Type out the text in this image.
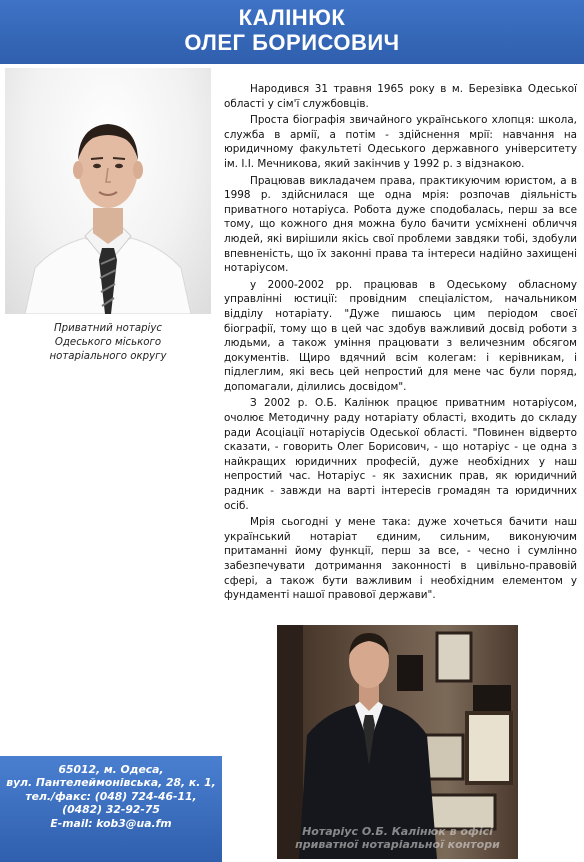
КАЛІНЮК
ОЛЕГ БОРИСОВИЧ
Приватний нотаріус
Одеського міського
нотаріального округу

Народився 31 травня 1965 року в м. Березівка Одеської області у сім'ї службовців.

Проста біографія звичайного українського хлопця: школа, служба в армії, а потім - здійснення мрії: навчання на юридичному факультеті Одеського державного університету ім. І.І. Мечникова, який закінчив у 1992 р. з відзнакою.

Працював викладачем права, практикуючим юристом, а в 1998 р. здійснилася ще одна мрія: розпочав діяльність приватного нотаріуса. Робота дуже сподобалась, перш за все тому, що кожного дня можна було бачити усміхнені обличчя людей, які вирішили якісь свої проблеми завдяки тобі, здобули впевненість, що їх законні права та інтереси надійно захищені нотаріусом.

у 2000-2002 рр. працював в Одеському обласному управлінні юстиції: провідним спеціалістом, начальником відділу нотаріату. "Дуже пишаюсь цим періодом своєї біографії, тому що в цей час здобув важливий досвід роботи з людьми, а також уміння працювати з величезним обсягом документів. Щиро вдячний всім колегам: і керівникам, і підлеглим, які весь цей непростий для мене час були поряд, допомагали, ділились досвідом".

З 2002 р. О.Б. Калінюк працює приватним нотаріусом, очолює Методичну раду нотаріату області, входить до складу ради Асоціації нотаріусів Одеської області. "Повинен відверто сказати, - говорить Олег Борисович, - що нотаріус - це одна з найкращих юридичних професій, дуже необхідних у наш непростий час. Нотаріус - як захисник прав, як юридичний радник - завжди на варті інтересів громадян та юридичних осіб.

Мрія сьогодні у мене така: дуже хочеться бачити наш український нотаріат єдиним, сильним, виконуючим притаманні йому функції, перш за все, - чесно і сумлінно забезпечувати дотримання законності в цивільно-правовій сфері, а також бути важливим і необхідним елементом у фундаменті нашої правової держави".

Нотаріус О.Б. Калінюк в офісі
приватної нотаріальної контори
65012, м. Одеса,
вул. Пантелеймонівська, 28, к. 1,
тел./факс: (048) 724-46-11,
(0482) 32-92-75
E-mail: kob3@ua.fm
